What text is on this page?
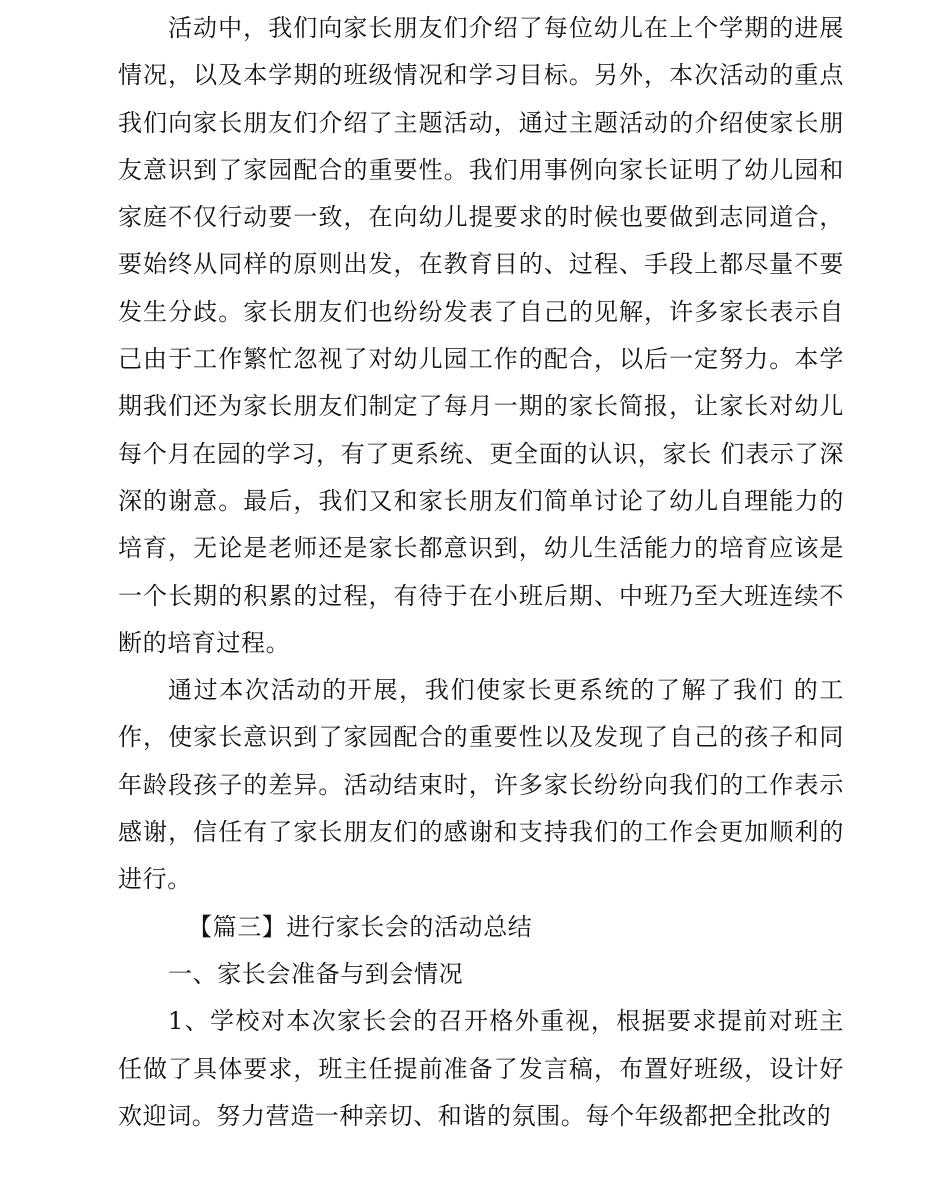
活动中，我们向家长朋友们介绍了每位幼儿在上个学期的进展情况，以及本学期的班级情况和学习目标。另外，本次活动的重点我们向家长朋友们介绍了主题活动，通过主题活动的介绍使家长朋友意识到了家园配合的重要性。我们用事例向家长证明了幼儿园和家庭不仅行动要一致，在向幼儿提要求的时候也要做到志同道合，要始终从同样的原则出发，在教育目的、过程、手段上都尽量不要发生分歧。家长朋友们也纷纷发表了自己的见解，许多家长表示自己由于工作繁忙忽视了对幼儿园工作的配合，以后一定努力。本学期我们还为家长朋友们制定了每月一期的家长简报，让家长对幼儿每个月在园的学习，有了更系统、更全面的认识，家长 们表示了深深的谢意。最后，我们又和家长朋友们简单讨论了幼儿自理能力的培育，无论是老师还是家长都意识到，幼儿生活能力的培育应该是一个长期的积累的过程，有待于在小班后期、中班乃至大班连续不断的培育过程。

通过本次活动的开展，我们使家长更系统的了解了我们 的工作，使家长意识到了家园配合的重要性以及发现了自己的孩子和同年龄段孩子的差异。活动结束时，许多家长纷纷向我们的工作表示感谢，信任有了家长朋友们的感谢和支持我们的工作会更加顺利的进行。

【篇三】进行家长会的活动总结

一、家长会准备与到会情况

1、学校对本次家长会的召开格外重视，根据要求提前对班主任做了具体要求，班主任提前准备了发言稿，布置好班级，设计好欢迎词。努力营造一种亲切、和谐的氛围。每个年级都把全批改的
